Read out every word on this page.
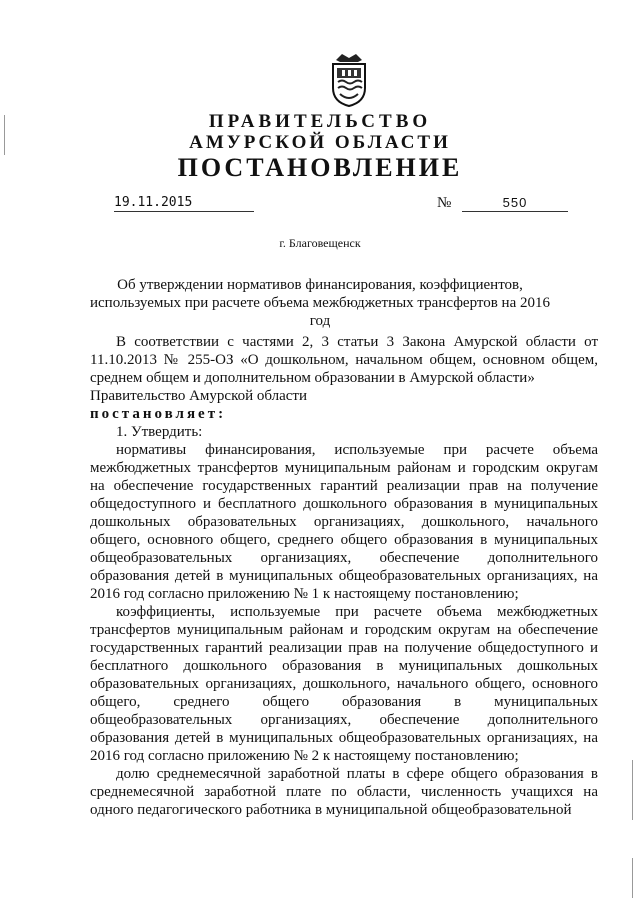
ПРАВИТЕЛЬСТВО
АМУРСКОЙ ОБЛАСТИ
ПОСТАНОВЛЕНИЕ
19.11.2015	№	550
г. Благовещенск
Об утверждении нормативов финансирования, коэффициентов, используемых при расчете объема межбюджетных трансфертов на 2016 год

В соответствии с частями 2, 3 статьи 3 Закона Амурской области от 11.10.2013 № 255-ОЗ «О дошкольном, начальном общем, основном общем, среднем общем и дополнительном образовании в Амурской области»

Правительство Амурской области

постановляет:

1. Утвердить:

нормативы финансирования, используемые при расчете объема межбюджетных трансфертов муниципальным районам и городским округам на обеспечение государственных гарантий реализации прав на получение общедоступного и бесплатного дошкольного образования в муниципальных дошкольных образовательных организациях, дошкольного, начального общего, основного общего, среднего общего образования в муниципальных общеобразовательных организациях, обеспечение дополнительного образования детей в муниципальных общеобразовательных организациях, на 2016 год согласно приложению № 1 к настоящему постановлению;

коэффициенты, используемые при расчете объема межбюджетных трансфертов муниципальным районам и городским округам на обеспечение государственных гарантий реализации прав на получение общедоступного и бесплатного дошкольного образования в муниципальных дошкольных образовательных организациях, дошкольного, начального общего, основного общего, среднего общего образования в муниципальных общеобразовательных организациях, обеспечение дополнительного образования детей в муниципальных общеобразовательных организациях, на 2016 год согласно приложению № 2 к настоящему постановлению;

долю среднемесячной заработной платы в сфере общего образования в среднемесячной заработной плате по области, численность учащихся на одного педагогического работника в муниципальной общеобразовательной
